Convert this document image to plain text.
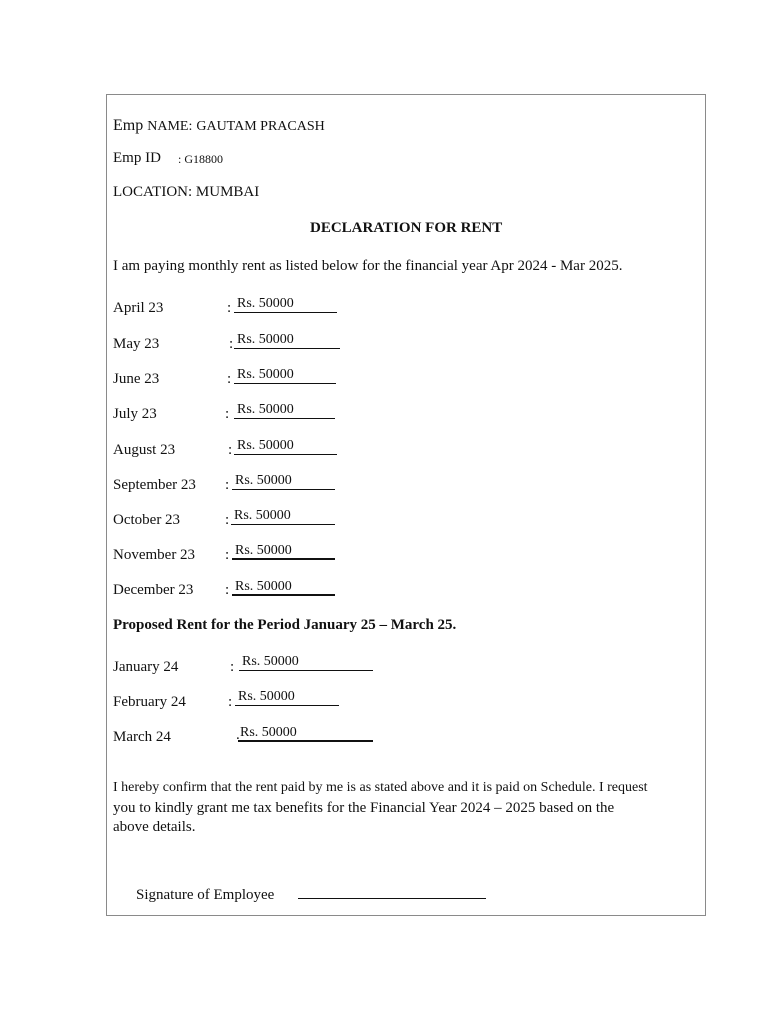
Emp NAME: GAUTAM PRACASH
Emp ID : G18800
LOCATION: MUMBAI
DECLARATION FOR RENT
I am paying monthly rent as listed below for the financial year Apr 2024 - Mar 2025.
April 23	: Rs. 50000
May 23	: Rs. 50000
June 23	: Rs. 50000
July 23	: Rs. 50000
August 23	: Rs. 50000
September 23 : Rs. 50000
October 23	: Rs. 50000
November 23 : Rs. 50000
December 23 : Rs. 50000
Proposed Rent for the Period January 25 – March 25.
January 24	: Rs. 50000
February 24	: Rs. 50000
March 24	. Rs. 50000
I hereby confirm that the rent paid by me is as stated above and it is paid on Schedule. I request
you to kindly grant me tax benefits for the Financial Year 2024 – 2025 based on the
above details.
Signature of Employee
